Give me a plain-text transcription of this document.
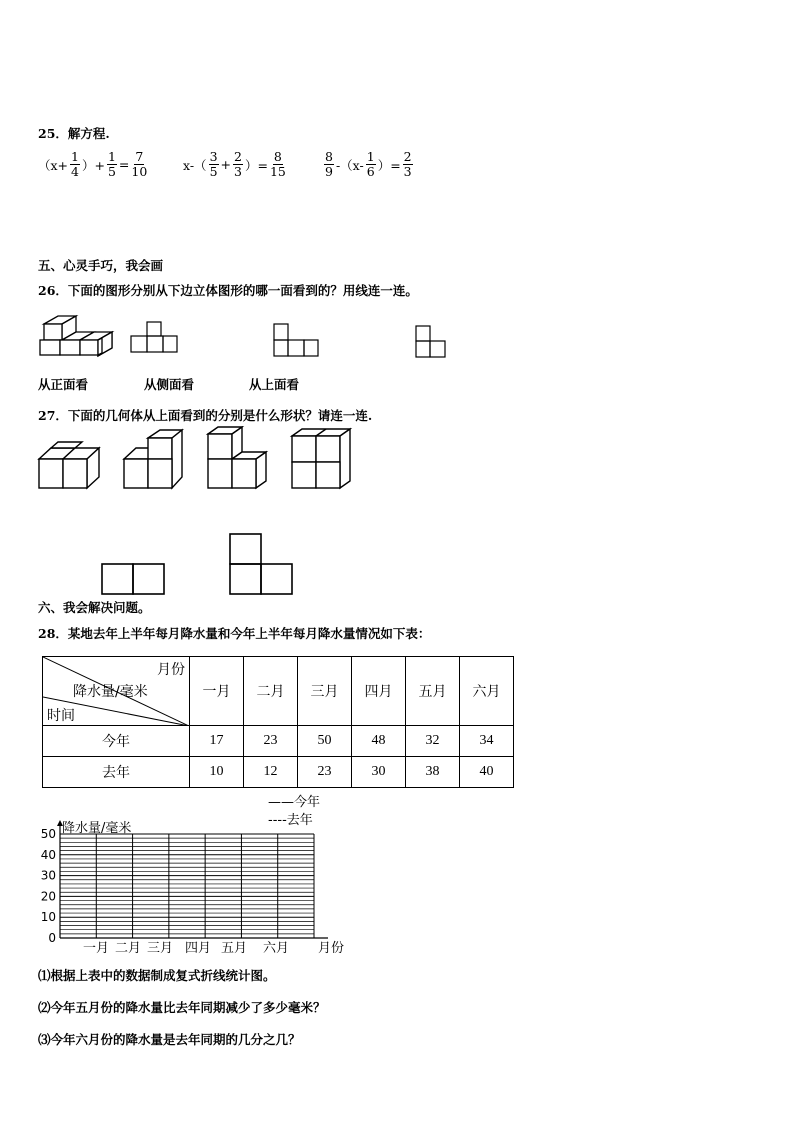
25．解方程.
（$x+ \frac{1}{4}$ ）+ $\frac{1}{5} = \frac{7}{10}$	$x-( \frac{3}{5} + \frac{2}{3}$ ）= $\frac{8}{15}$	$\frac{8}{9} -(x- \frac{1}{6}$ ）= $\frac{2}{3}$
五、心灵手巧，我会画
26．下面的图形分别从下边立体图形的哪一面看到的？用线连一连。
从正面看	从侧面看	从上面看
27．下面的几何体从上面看到的分别是什么形状？请连一连.
六、我会解决问题。
28．某地去年上半年每月降水量和今年上半年每月降水量情况如下表：
月份
降水量/毫米
时间	一月	二月	三月	四月	五月	六月
今年	17	23	50	48	32	34
去年	10	12	23	30	38	40
0
10
20
30
40
50
一月 二月 三月 四月 五月 六月 月份
降水量/毫米
——今年
----去年
⑴根据上表中的数据制成复式折线统计图。
⑵今年五月份的降水量比去年同期减少了多少毫米？
⑶今年六月份的降水量是去年同期的几分之几？
